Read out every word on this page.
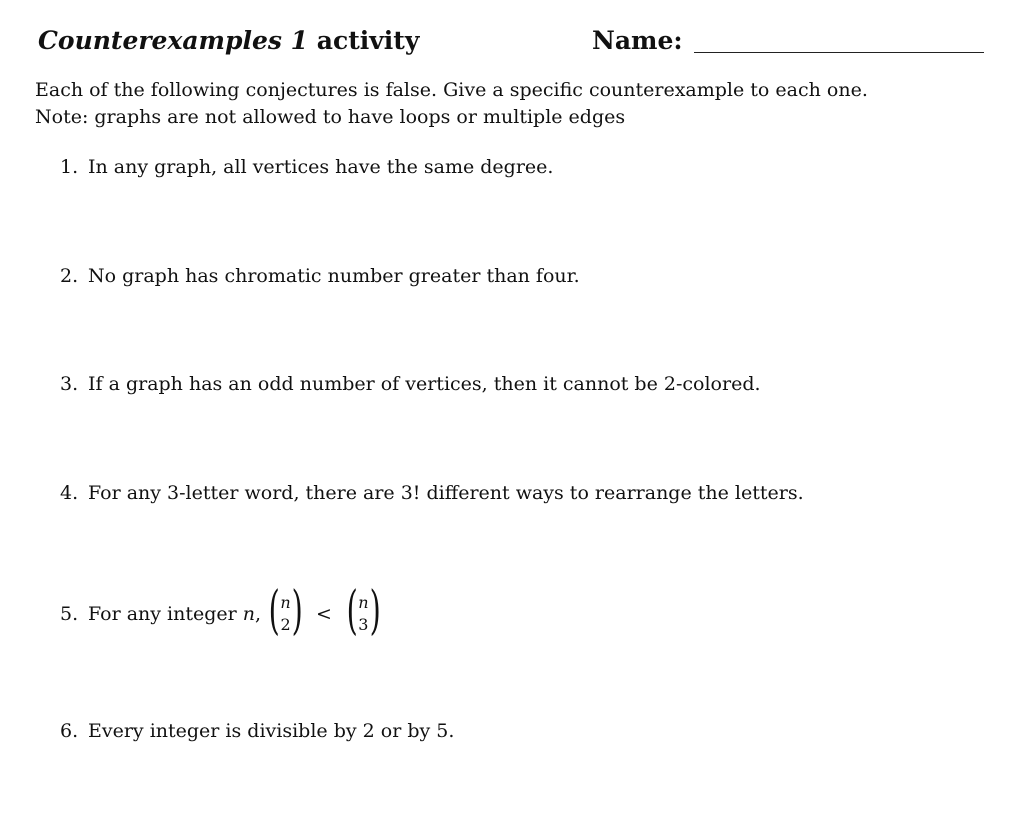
Counterexamples 1 activity	Name:
Each of the following conjectures is false. Give a specific counterexample to each one.
Note: graphs are not allowed to have loops or multiple edges
1. In any graph, all vertices have the same degree.
2. No graph has chromatic number greater than four.
3. If a graph has an odd number of vertices, then it cannot be 2-colored.
4. For any 3-letter word, there are 3! different ways to rearrange the letters.
5. For any integer
n , ( n
2 ) < ( n
3 )
6. Every integer is divisible by 2 or by 5.
